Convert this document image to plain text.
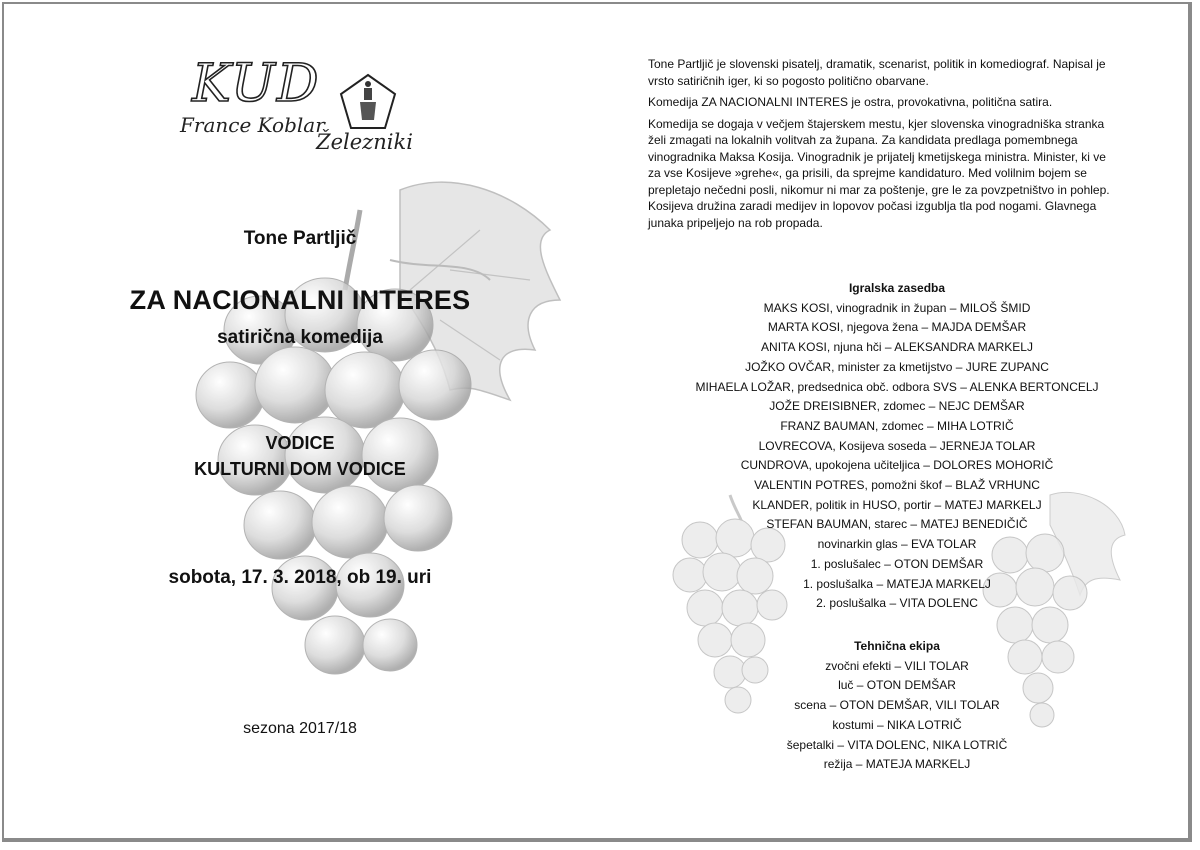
KUD
France Koblar
Železniki
Tone Partljič
ZA NACIONALNI INTERES
satirična komedija
VODICE
KULTURNI DOM VODICE
sobota, 17. 3. 2018, ob 19. uri
sezona 2017/18

Tone Partljič je slovenski pisatelj, dramatik, scenarist, politik in komediograf. Napisal je vrsto satiričnih iger, ki so pogosto politično obarvane.

Komedija ZA NACIONALNI INTERES je ostra, provokativna, politična satira.

Komedija se dogaja v večjem štajerskem mestu, kjer slovenska vinogradniška stranka želi zmagati na lokalnih volitvah za župana. Za kandidata predlaga pomembnega vinogradnika Maksa Kosija. Vinogradnik je prijatelj kmetijskega ministra. Minister, ki ve za vse Kosijeve »grehe«, ga prisili, da sprejme kandidaturo. Med volilnim bojem se prepletajo nečedni posli, nikomur ni mar za poštenje, gre le za povzpetništvo in pohlep. Kosijeva družina zaradi medijev in lopovov počasi izgublja tla pod nogami. Glavnega junaka pripeljejo na rob propada.

Igralska zasedba
MAKS KOSI, vinogradnik in župan – MILOŠ ŠMID
MARTA KOSI, njegova žena – MAJDA DEMŠAR
ANITA KOSI, njuna hči – ALEKSANDRA MARKELJ
JOŽKO OVČAR, minister za kmetijstvo – JURE ZUPANC
MIHAELA LOŽAR, predsednica obč. odbora SVS – ALENKA BERTONCELJ
JOŽE DREISIBNER, zdomec – NEJC DEMŠAR
FRANZ BAUMAN, zdomec – MIHA LOTRIČ
LOVRECOVA, Kosijeva soseda – JERNEJA TOLAR
CUNDROVA, upokojena učiteljica – DOLORES MOHORIČ
VALENTIN POTRES, pomožni škof – BLAŽ VRHUNC
KLANDER, politik in HUSO, portir – MATEJ MARKELJ
STEFAN BAUMAN, starec – MATEJ BENEDIČIČ
novinarkin glas – EVA TOLAR
1. poslušalec – OTON DEMŠAR
1. poslušalka – MATEJA MARKELJ
2. poslušalka – VITA DOLENC
Tehnična ekipa
zvočni efekti – VILI TOLAR
luč – OTON DEMŠAR
scena – OTON DEMŠAR, VILI TOLAR
kostumi – NIKA LOTRIČ
šepetalki – VITA DOLENC, NIKA LOTRIČ
režija – MATEJA MARKELJ
